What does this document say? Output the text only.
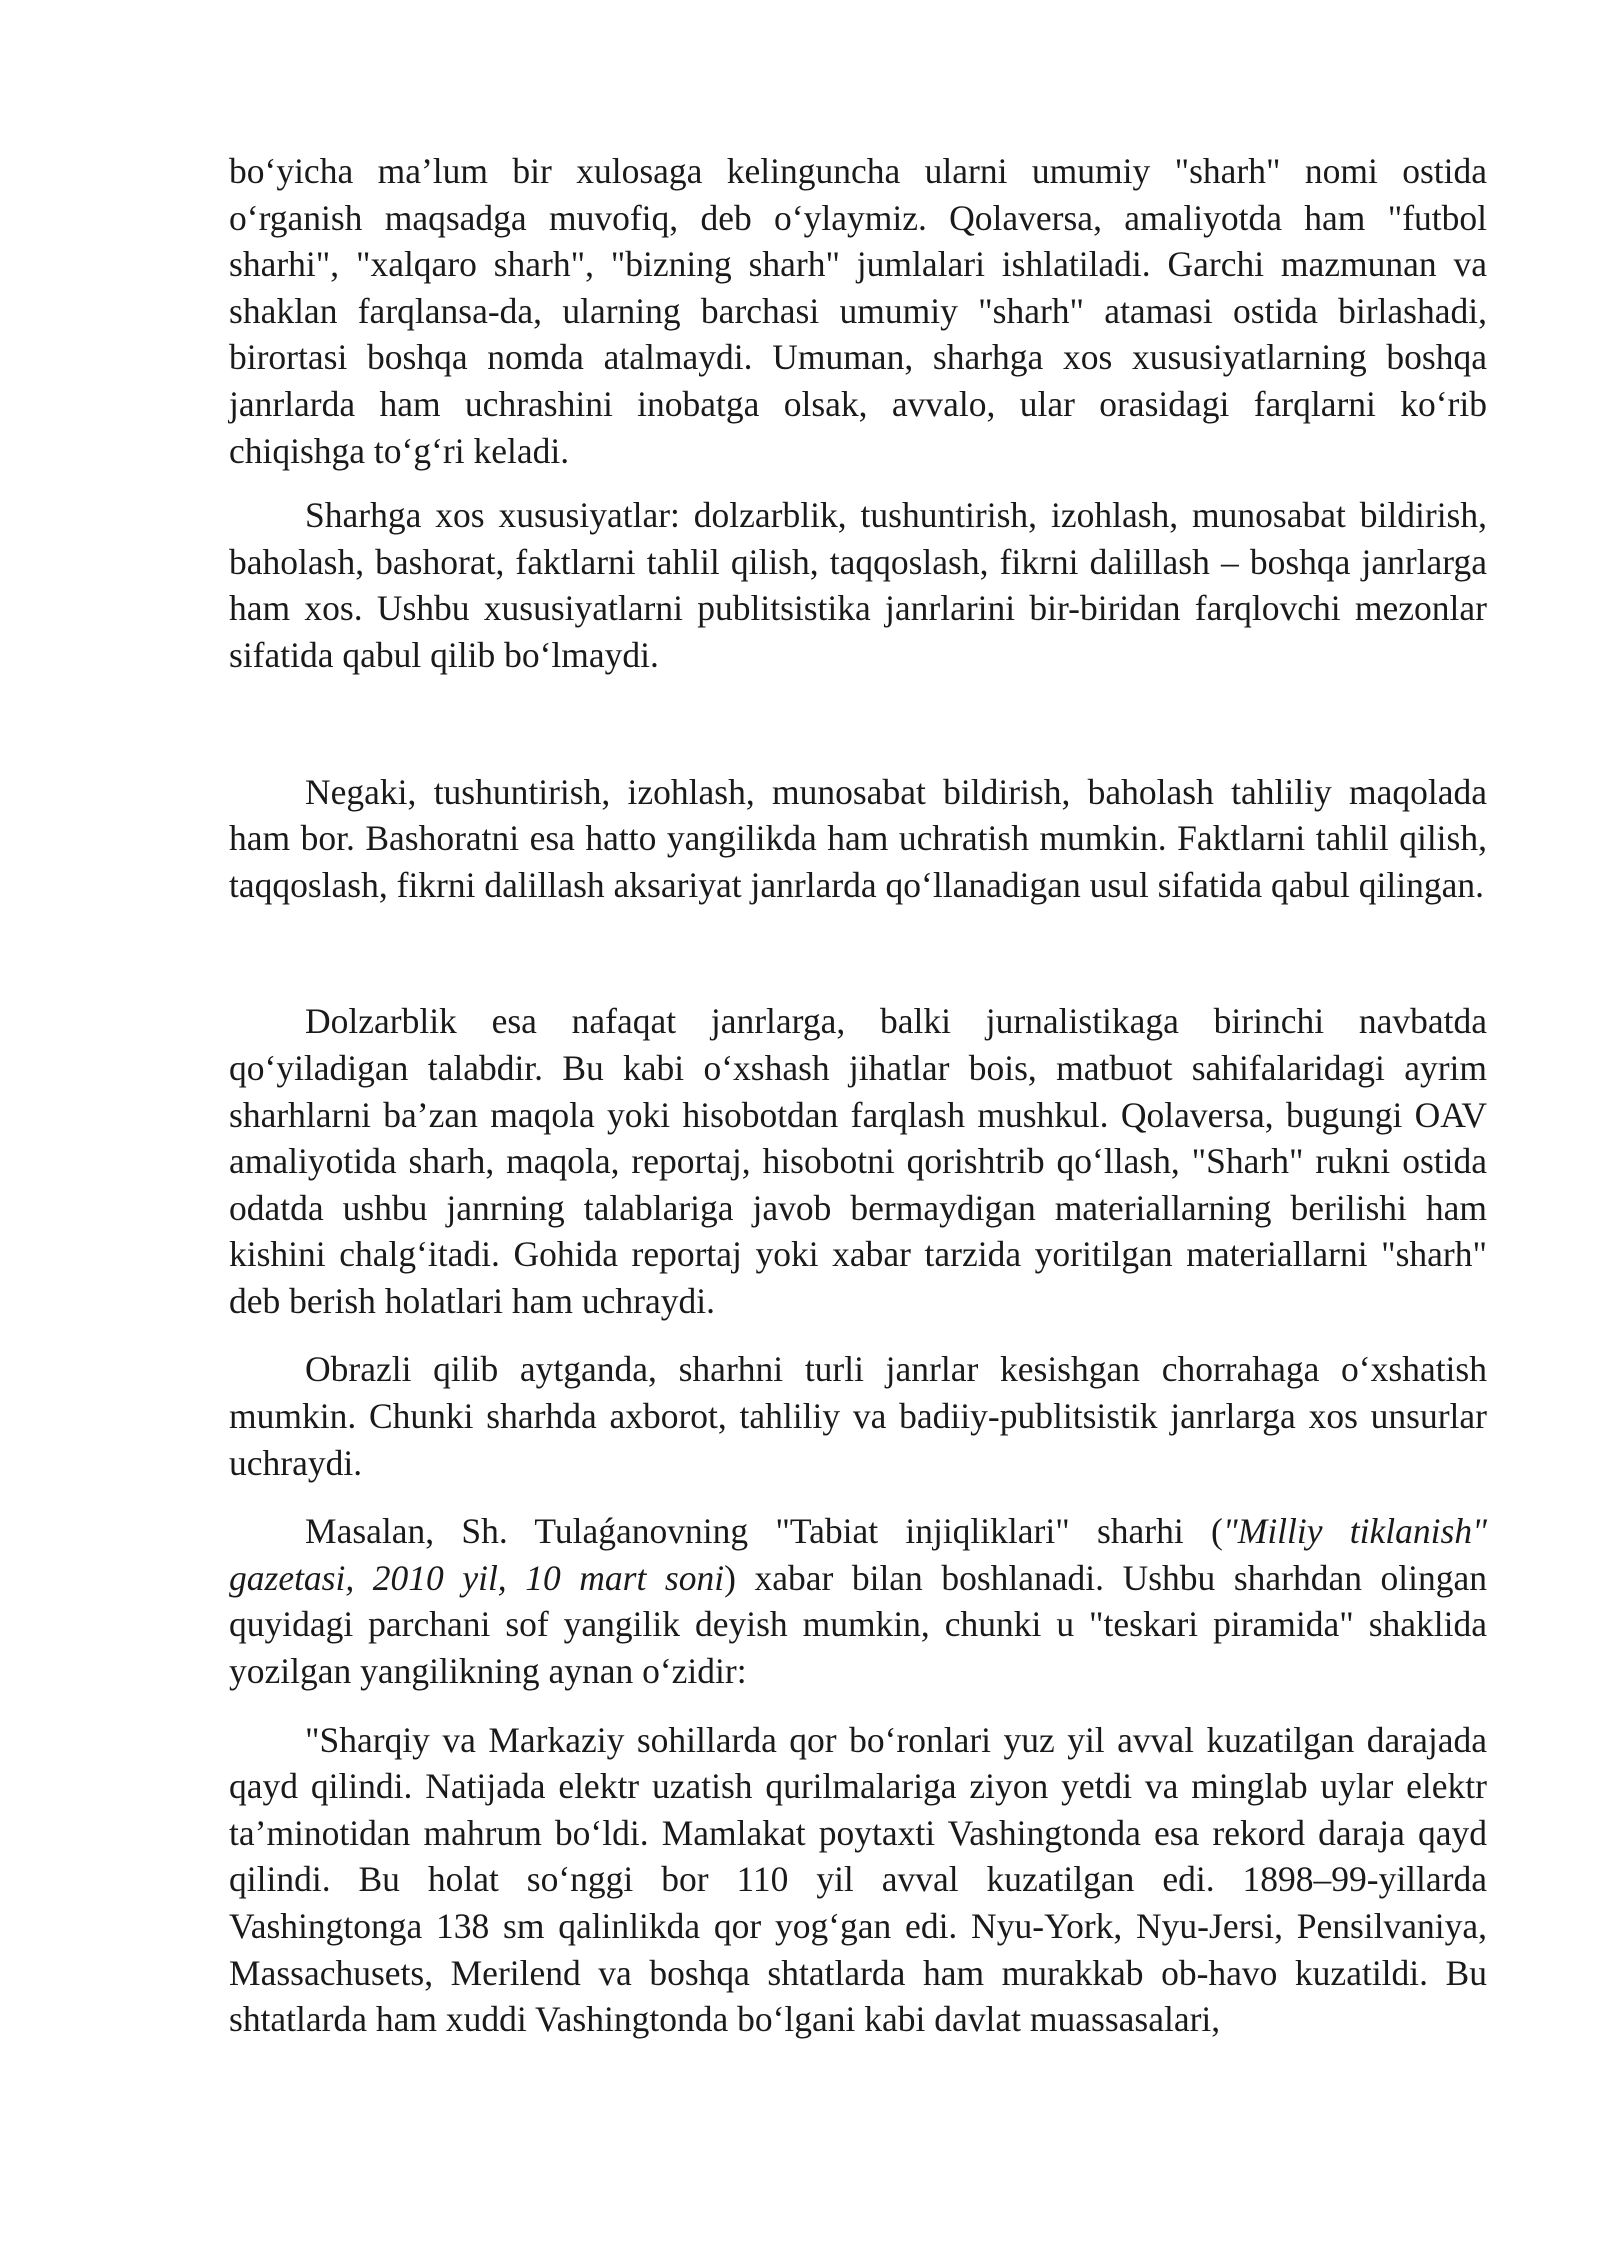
bo‘yicha ma’lum bir xulosaga kelinguncha ularni umumiy "sharh" nomi ostida o‘rganish maqsadga muvofiq, deb o‘ylaymiz. Qolaversa, amaliyotda ham "futbol sharhi", "xalqaro sharh", "bizning sharh" jumlalari ishlatiladi. Garchi mazmunan va shaklan farqlansa-da, ularning barchasi umumiy "sharh" atamasi ostida birlashadi, birortasi boshqa nomda atalmaydi. Umuman, sharhga xos xususiyatlarning boshqa janrlarda ham uchrashini inobatga olsak, avvalo, ular orasidagi farqlarni ko‘rib chiqishga to‘g‘ri keladi.

Sharhga xos xususiyatlar: dolzarblik, tushuntirish, izohlash, munosabat bildirish, baholash, bashorat, faktlarni tahlil qilish, taqqoslash, fikrni dalillash – boshqa janrlarga ham xos. Ushbu xususiyatlarni publitsistika janrlarini bir-biridan farqlovchi mezonlar sifatida qabul qilib bo‘lmaydi.

Negaki, tushuntirish, izohlash, munosabat bildirish, baholash tahliliy maqolada ham bor. Bashoratni esa hatto yangilikda ham uchratish mumkin. Faktlarni tahlil qilish, taqqoslash, fikrni dalillash aksariyat janrlarda qo‘llanadigan usul sifatida qabul qilingan.

Dolzarblik esa nafaqat janrlarga, balki jurnalistikaga birinchi navbatda qo‘yiladigan talabdir. Bu kabi o‘xshash jihatlar bois, matbuot sahifalaridagi ayrim sharhlarni ba’zan maqola yoki hisobotdan farqlash mushkul. Qolaversa, bugungi OAV amaliyotida sharh, maqola, reportaj, hisobotni qorishtrib qo‘llash, "Sharh" rukni ostida odatda ushbu janrning talablariga javob bermaydigan materiallarning berilishi ham kishini chalg‘itadi. Gohida reportaj yoki xabar tarzida yoritilgan materiallarni "sharh" deb berish holatlari ham uchraydi.

Obrazli qilib aytganda, sharhni turli janrlar kesishgan chorrahaga o‘xshatish mumkin. Chunki sharhda axborot, tahliliy va badiiy-publitsistik janrlarga xos unsurlar uchraydi.

Masalan, Sh. Tulaǵanovning "Tabiat injiqliklari" sharhi ("Milliy tiklanish" gazetasi, 2010 yil, 10 mart soni) xabar bilan boshlanadi. Ushbu sharhdan olingan quyidagi parchani sof yangilik deyish mumkin, chunki u "teskari piramida" shaklida yozilgan yangilikning aynan o‘zidir:

"Sharqiy va Markaziy sohillarda qor bo‘ronlari yuz yil avval kuzatilgan darajada qayd qilindi. Natijada elektr uzatish qurilmalariga ziyon yetdi va minglab uylar elektr ta’minotidan mahrum bo‘ldi. Mamlakat poytaxti Vashingtonda esa rekord daraja qayd qilindi. Bu holat so‘nggi bor 110 yil avval kuzatilgan edi. 1898–99-yillarda Vashingtonga 138 sm qalinlikda qor yog‘gan edi. Nyu-York, Nyu-Jersi, Pensilvaniya, Massachusets, Merilend va boshqa shtatlarda ham murakkab ob-havo kuzatildi. Bu shtatlarda ham xuddi Vashingtonda bo‘lgani kabi davlat muassasalari,
